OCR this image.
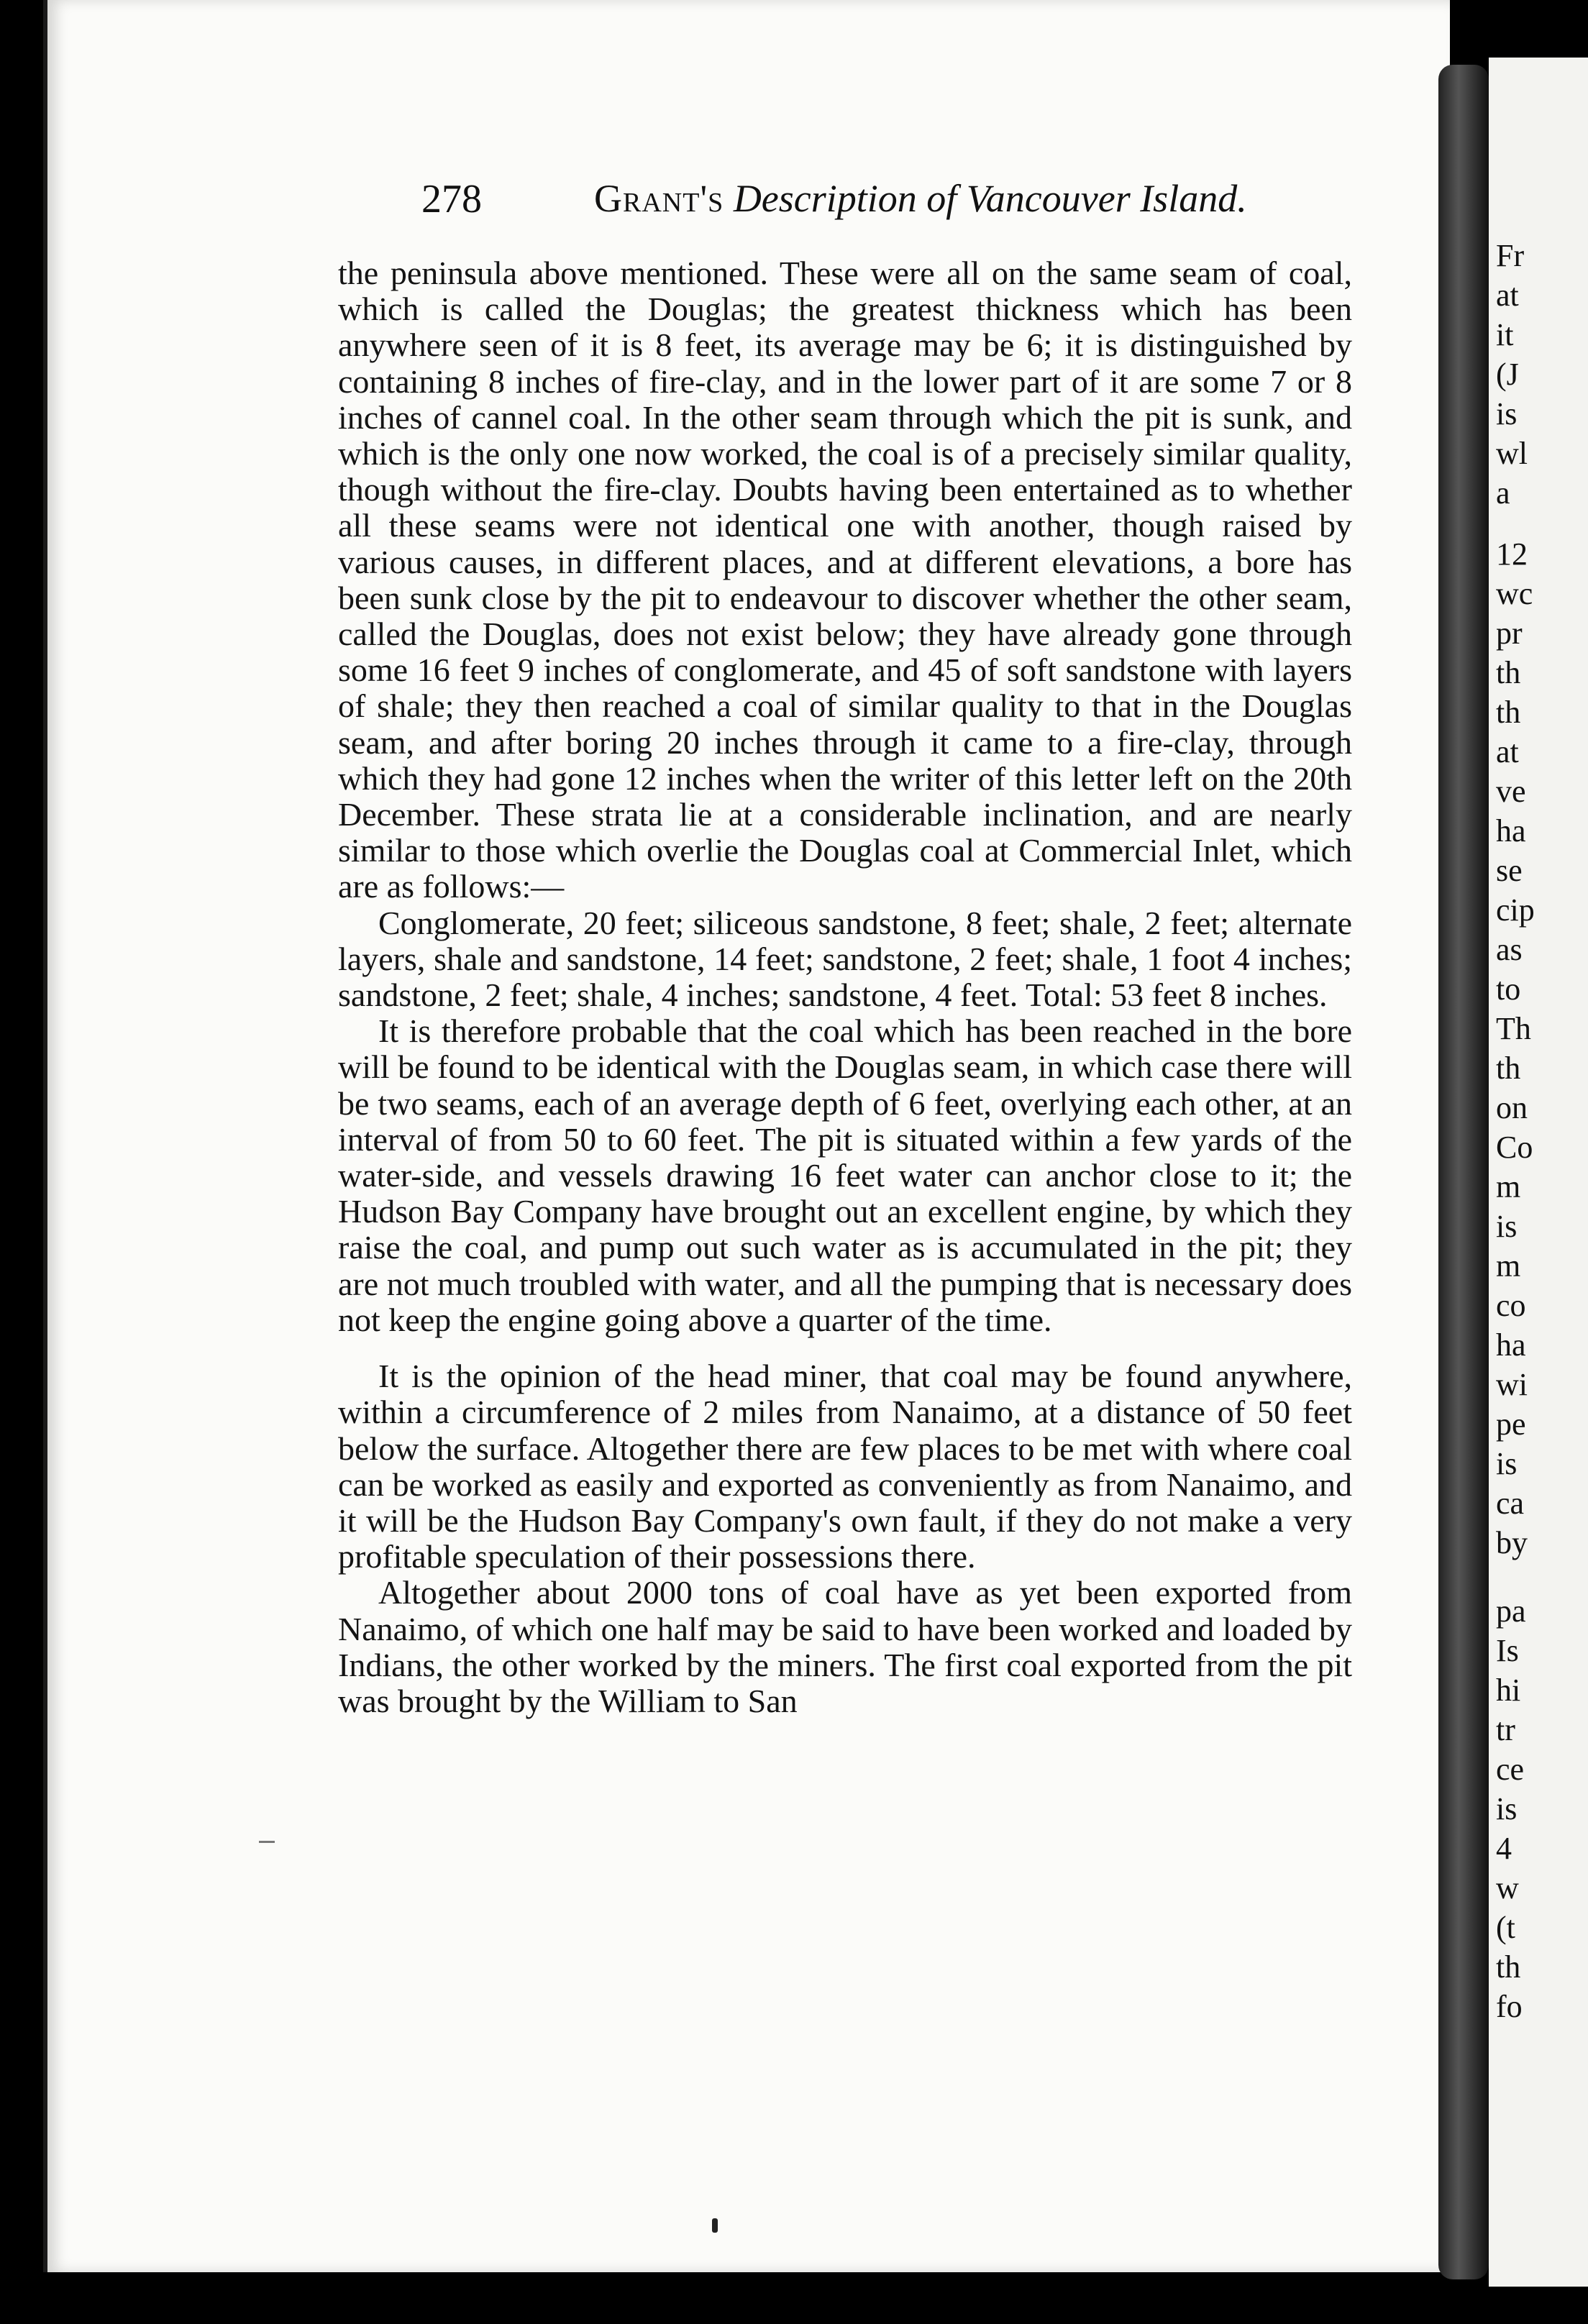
278	Grant's Description of Vancouver Island.

the peninsula above mentioned. These were all on the same seam of coal, which is called the Douglas; the greatest thickness which has been anywhere seen of it is 8 feet, its average may be 6; it is distinguished by containing 8 inches of fire-clay, and in the lower part of it are some 7 or 8 inches of cannel coal. In the other seam through which the pit is sunk, and which is the only one now worked, the coal is of a precisely similar quality, though without the fire-clay. Doubts having been entertained as to whether all these seams were not identical one with another, though raised by various causes, in different places, and at different elevations, a bore has been sunk close by the pit to endeavour to discover whether the other seam, called the Douglas, does not exist below; they have already gone through some 16 feet 9 inches of conglomerate, and 45 of soft sandstone with layers of shale; they then reached a coal of similar quality to that in the Douglas seam, and after boring 20 inches through it came to a fire-clay, through which they had gone 12 inches when the writer of this letter left on the 20th December. These strata lie at a considerable inclination, and are nearly similar to those which overlie the Douglas coal at Commercial Inlet, which are as follows:—

Conglomerate, 20 feet; siliceous sandstone, 8 feet; shale, 2 feet; alternate layers, shale and sandstone, 14 feet; sandstone, 2 feet; shale, 1 foot 4 inches; sandstone, 2 feet; shale, 4 inches; sandstone, 4 feet. Total: 53 feet 8 inches.

It is therefore probable that the coal which has been reached in the bore will be found to be identical with the Douglas seam, in which case there will be two seams, each of an average depth of 6 feet, overlying each other, at an interval of from 50 to 60 feet. The pit is situated within a few yards of the water-side, and vessels drawing 16 feet water can anchor close to it; the Hudson Bay Company have brought out an excellent engine, by which they raise the coal, and pump out such water as is accumulated in the pit; they are not much troubled with water, and all the pumping that is necessary does not keep the engine going above a quarter of the time.

It is the opinion of the head miner, that coal may be found anywhere, within a circumference of 2 miles from Nanaimo, at a distance of 50 feet below the surface. Altogether there are few places to be met with where coal can be worked as easily and exported as conveniently as from Nanaimo, and it will be the Hudson Bay Company's own fault, if they do not make a very profitable speculation of their possessions there.

Altogether about 2000 tons of coal have as yet been exported from Nanaimo, of which one half may be said to have been worked and loaded by Indians, the other worked by the miners. The first coal exported from the pit was brought by the William to San

Fr
at
it
(J
is
wl
a
12
wc
pr
th
th
at
ve
ha
se
cip
as
to
Th
th
on
Co
m
is
m
co
ha
wi
pe
is
ca
by
pa
Is
hi
tr
ce
is
4
w
(t
th
fo
